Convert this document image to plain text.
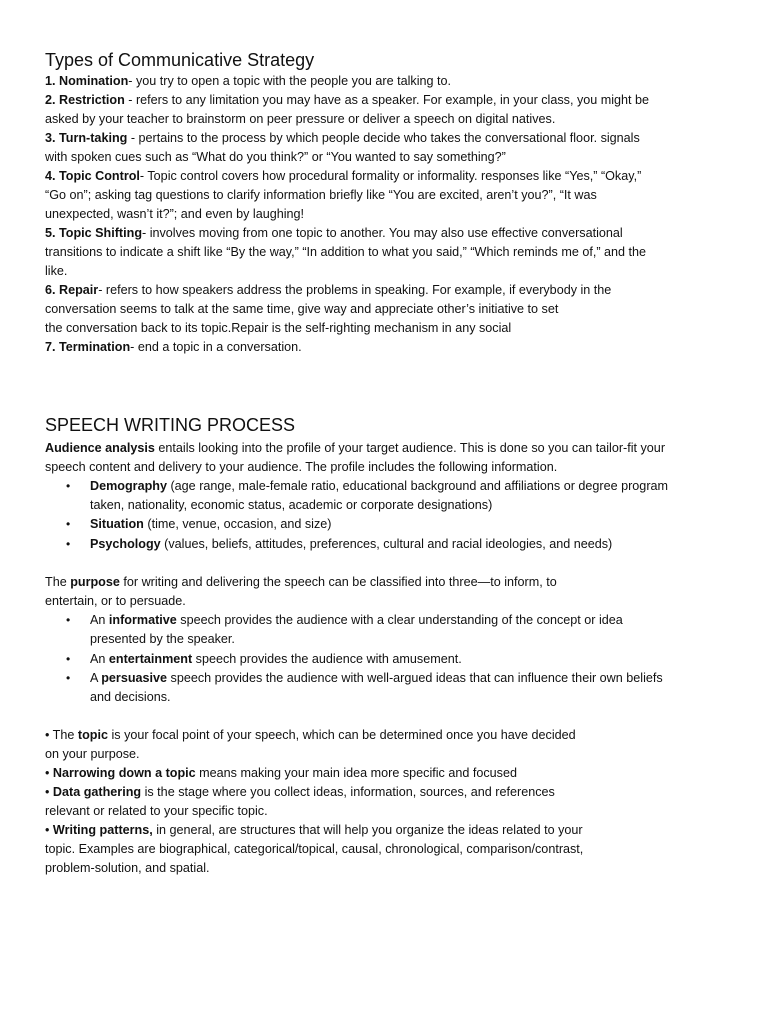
Types of Communicative Strategy
1. Nomination- you try to open a topic with the people you are talking to.
2. Restriction - refers to any limitation you may have as a speaker. For example, in your class, you might be
asked by your teacher to brainstorm on peer pressure or deliver a speech on digital natives.
3. Turn-taking - pertains to the process by which people decide who takes the conversational floor. signals
with spoken cues such as “What do you think?” or “You wanted to say something?”
4. Topic Control- Topic control covers how procedural formality or informality. responses like “Yes,” “Okay,”
“Go on”; asking tag questions to clarify information briefly like “You are excited, aren’t you?”, “It was
unexpected, wasn’t it?”; and even by laughing!
5. Topic Shifting- involves moving from one topic to another. You may also use effective conversational
transitions to indicate a shift like “By the way,” “In addition to what you said,” “Which reminds me of,” and the
like.
6. Repair- refers to how speakers address the problems in speaking. For example, if everybody in the
conversation seems to talk at the same time, give way and appreciate other’s initiative to set
the conversation back to its topic.Repair is the self-righting mechanism in any social
7. Termination- end a topic in a conversation.
SPEECH WRITING PROCESS
Audience analysis entails looking into the profile of your target audience. This is done so you can tailor-fit your
speech content and delivery to your audience. The profile includes the following information.
• Demography (age range, male-female ratio, educational background and affiliations or degree program
taken, nationality, economic status, academic or corporate designations)
• Situation (time, venue, occasion, and size)
• Psychology (values, beliefs, attitudes, preferences, cultural and racial ideologies, and needs)
The purpose for writing and delivering the speech can be classified into three—to inform, to
entertain, or to persuade.
• An informative speech provides the audience with a clear understanding of the concept or idea
presented by the speaker.
• An entertainment speech provides the audience with amusement.
• A persuasive speech provides the audience with well-argued ideas that can influence their own beliefs
and decisions.
• The topic is your focal point of your speech, which can be determined once you have decided
on your purpose.
• Narrowing down a topic means making your main idea more specific and focused
• Data gathering is the stage where you collect ideas, information, sources, and references
relevant or related to your specific topic.
• Writing patterns, in general, are structures that will help you organize the ideas related to your
topic. Examples are biographical, categorical/topical, causal, chronological, comparison/contrast,
problem-solution, and spatial.
